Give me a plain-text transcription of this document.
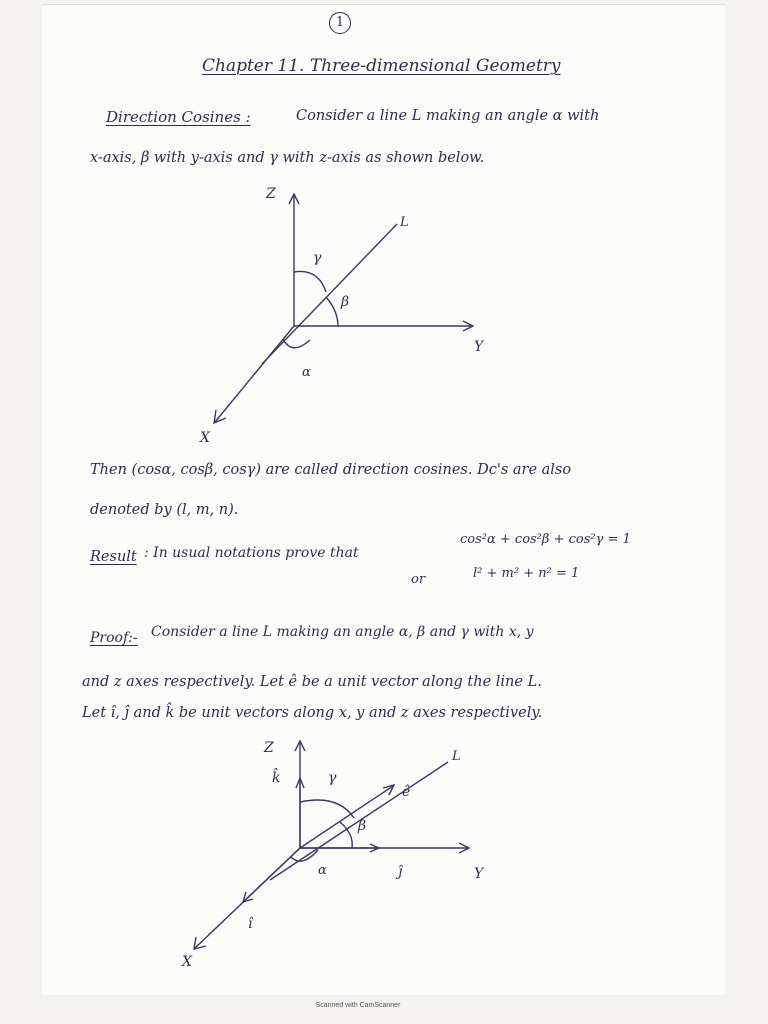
1
Chapter 11. Three-dimensional Geometry
Direction Cosines :	Consider a line L making an angle α with
x-axis, β with y-axis and γ with z-axis as shown below.
Z
L
γ
β
α
Y
X
Then (cosα, cosβ, cosγ) are called direction cosines. Dc's are also
denoted by (l, m, n).
Result : In usual notations prove that
cos²α + cos²β + cos²γ = 1
or	l² + m² + n² = 1
Proof:- Consider a line L making an angle α, β and γ with x, y
and z axes respectively. Let ê be a unit vector along the line L.
Let î, ĵ and k̂ be unit vectors along x, y and z axes respectively.
Z
k̂	γ
ê
L
β
α	ĵ	Y
î
X
Scanned with CamScanner
